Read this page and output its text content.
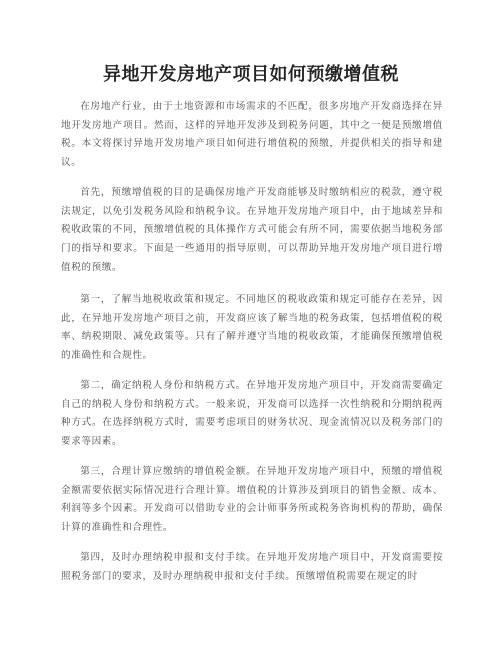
异地开发房地产项目如何预缴增值税

在房地产行业，由于土地资源和市场需求的不匹配，很多房地产开发商选择在异地开发房地产项目。然而，这样的异地开发涉及到税务问题，其中之一便是预缴增值税。本文将探讨异地开发房地产项目如何进行增值税的预缴，并提供相关的指导和建议。

首先，预缴增值税的目的是确保房地产开发商能够及时缴纳相应的税款，遵守税法规定，以免引发税务风险和纳税争议。在异地开发房地产项目中，由于地域差异和税收政策的不同，预缴增值税的具体操作方式可能会有所不同，需要依据当地税务部门的指导和要求。下面是一些通用的指导原则，可以帮助异地开发房地产项目进行增值税的预缴。

第一，了解当地税收政策和规定。不同地区的税收政策和规定可能存在差异，因此，在异地开发房地产项目之前，开发商应该了解当地的税务政策，包括增值税的税率、纳税期限、减免政策等。只有了解并遵守当地的税收政策，才能确保预缴增值税的准确性和合规性。

第二，确定纳税人身份和纳税方式。在异地开发房地产项目中，开发商需要确定自己的纳税人身份和纳税方式。一般来说，开发商可以选择一次性纳税和分期纳税两种方式。在选择纳税方式时，需要考虑项目的财务状况、现金流情况以及税务部门的要求等因素。

第三，合理计算应缴纳的增值税金额。在异地开发房地产项目中，预缴的增值税金额需要依据实际情况进行合理计算。增值税的计算涉及到项目的销售金额、成本、利润等多个因素。开发商可以借助专业的会计师事务所或税务咨询机构的帮助，确保计算的准确性和合理性。

第四，及时办理纳税申报和支付手续。在异地开发房地产项目中，开发商需要按照税务部门的要求，及时办理纳税申报和支付手续。预缴增值税需要在规定的时
